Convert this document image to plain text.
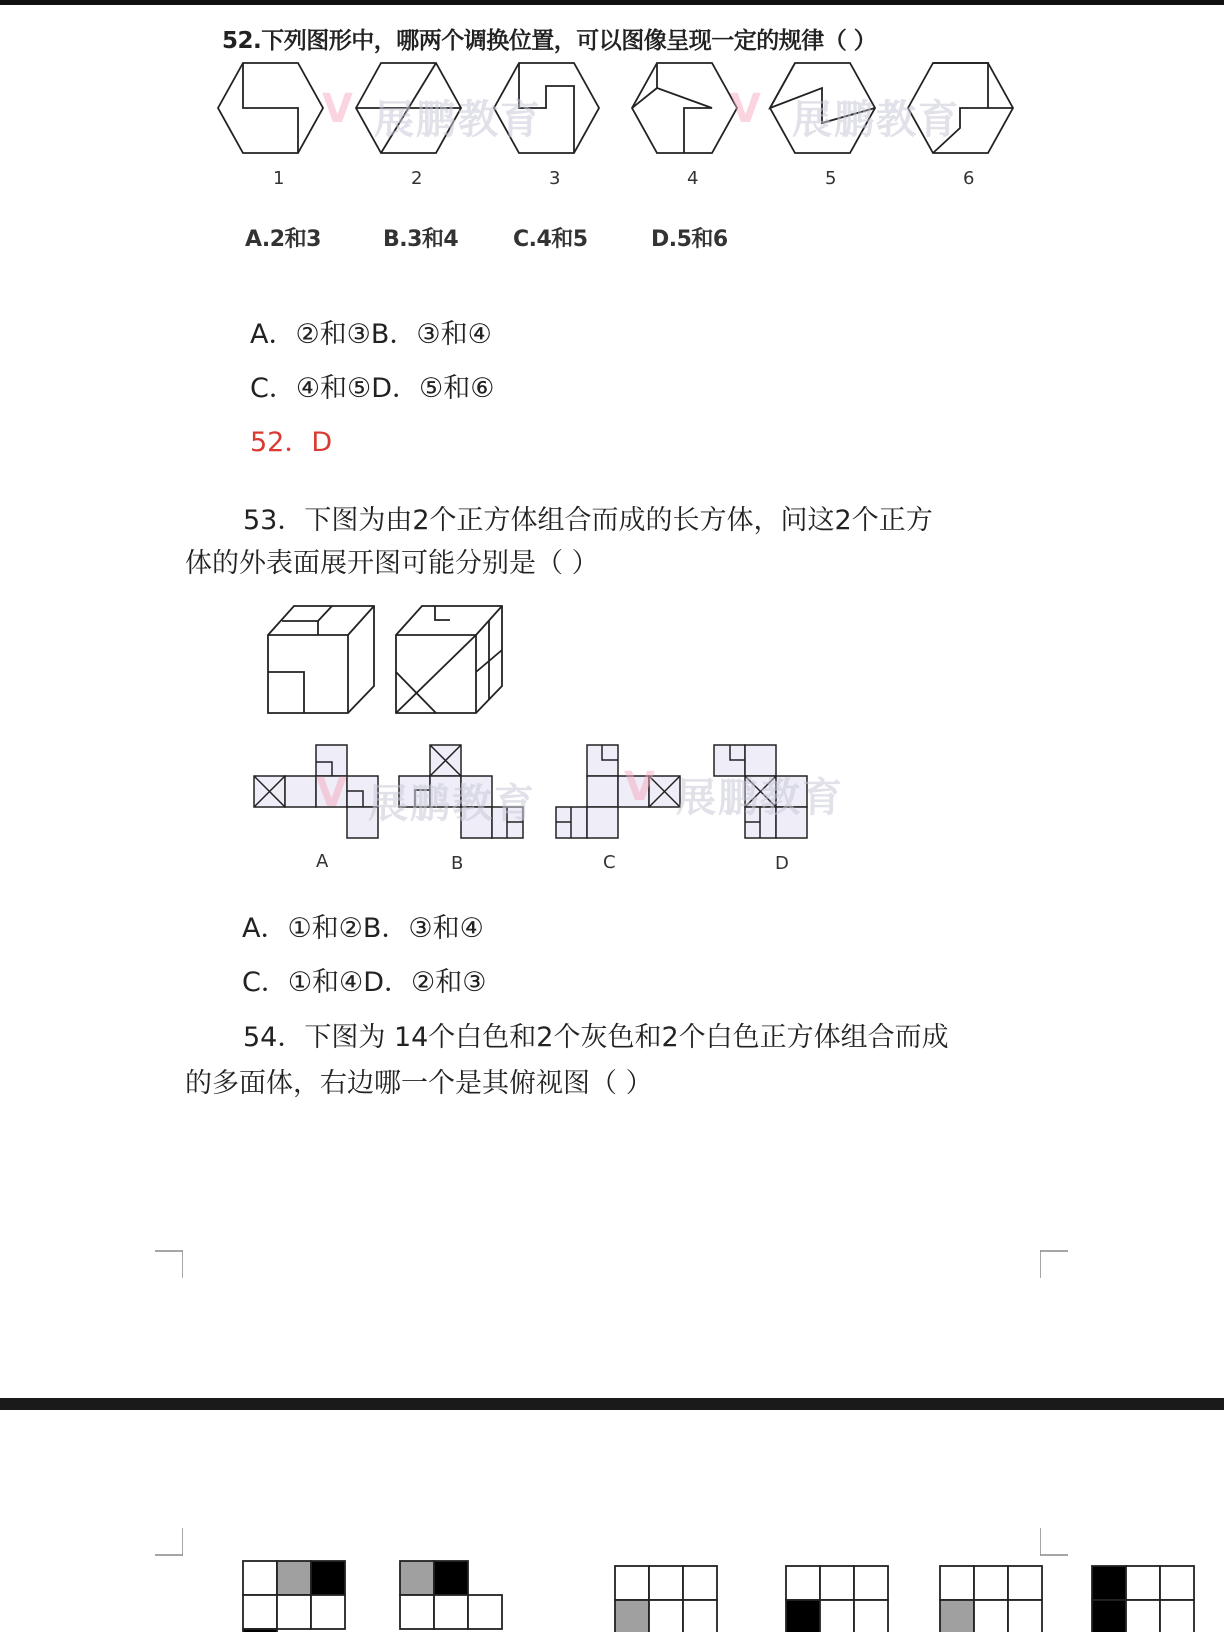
52.下列图形中，哪两个调换位置，可以图像呈现一定的规律（ ）
1	2	3	4	5	6
V 展鹏教育	V 展鹏教育
A.2和3	B.3和4 C.4和5	D.5和6
A．②和③B．③和④
C．④和⑤D．⑤和⑥
52．D
53．下图为由2个正方体组合而成的长方体，问这2个正方
体的外表面展开图可能分别是（ ）
V 展鹏教育 V 展鹏教育
A	B	C	D
A．①和②B．③和④
C．①和④D．②和③
54．下图为 14个白色和2个灰色和2个白色正方体组合而成
的多面体，右边哪一个是其俯视图（ ）
